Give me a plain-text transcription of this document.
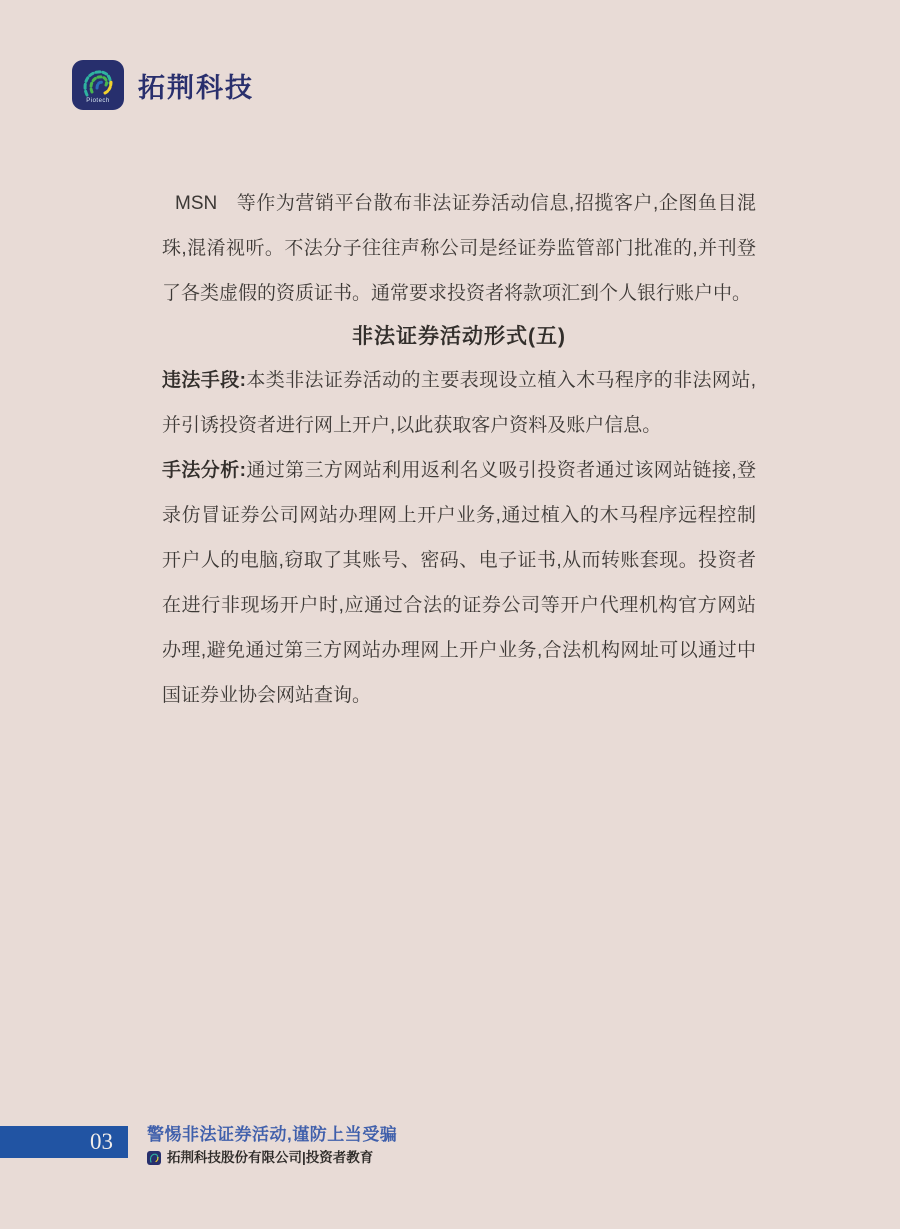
Piotech 拓荆科技

MSN 等作为营销平台散布非法证券活动信息,招揽客户,企图鱼目混珠,混淆视听。不法分子往往声称公司是经证券监管部门批准的,并刊登了各类虚假的资质证书。通常要求投资者将款项汇到个人银行账户中。

非法证券活动形式(五)

违法手段:本类非法证券活动的主要表现设立植入木马程序的非法网站,并引诱投资者进行网上开户,以此获取客户资料及账户信息。

手法分析:通过第三方网站利用返利名义吸引投资者通过该网站链接,登录仿冒证券公司网站办理网上开户业务,通过植入的木马程序远程控制开户人的电脑,窃取了其账号、密码、电子证书,从而转账套现。投资者在进行非现场开户时,应通过合法的证券公司等开户代理机构官方网站办理,避免通过第三方网站办理网上开户业务,合法机构网址可以通过中国证券业协会网站查询。

03	警惕非法证券活动,谨防上当受骗
拓荆科技股份有限公司|投资者教育
